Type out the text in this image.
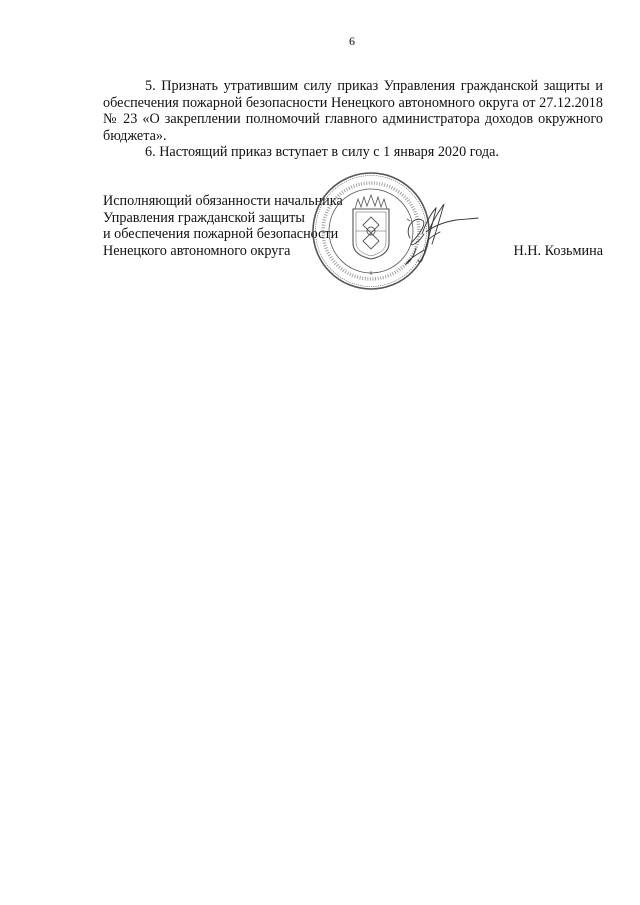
6

5. Признать утратившим силу приказ Управления гражданской защиты и обеспечения пожарной безопасности Ненецкого автономного округа от 27.12.2018 № 23 «О закреплении полномочий главного администратора доходов окружного бюджета».

6. Настоящий приказ вступает в силу с 1 января 2020 года.

Исполняющий обязанности начальника
Управления гражданской защиты
и обеспечения пожарной безопасности
Ненецкого автономного округа	Н.Н. Козьмина
